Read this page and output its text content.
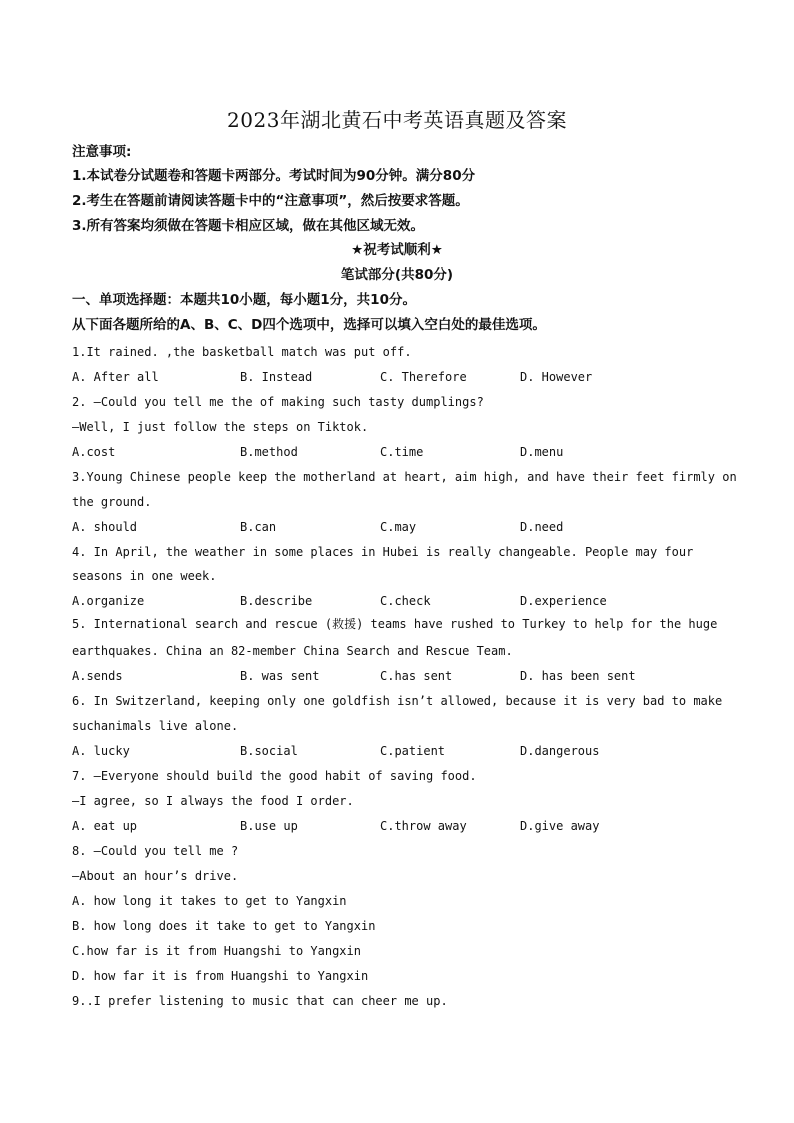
2023年湖北黄石中考英语真题及答案
注意事项:
1.本试卷分试题卷和答题卡两部分。考试时间为90分钟。满分80分
2.考生在答题前请阅读答题卡中的“注意事项”，然后按要求答题。
3.所有答案均须做在答题卡相应区域，做在其他区域无效。
★祝考试顺利★
笔试部分(共80分)
一、单项选择题：本题共10小题，每小题1分，共10分。
从下面各题所给的A、B、C、D四个选项中，选择可以填入空白处的最佳选项。
1.It rained. ,the basketball match was put off.
A. After all	B. Instead	C. Therefore	D. However
2. —Could you tell me the of making such tasty dumplings?
—Well, I just follow the steps on Tiktok.
A.cost	B.method	C.time	D.menu
3.Young Chinese people keep the motherland at heart, aim high, and have their feet firmly on
the ground.
A. should	B.can	C.may	D.need
4. In April, the weather in some places in Hubei is really changeable. People may four
seasons in one week.
A.organize	B.describe	C.check	D.experience
5. International search and rescue (救援) teams have rushed to Turkey to help for the huge
earthquakes. China an 82-member China Search and Rescue Team.
A.sends	B. was sent	C.has sent	D. has been sent
6. In Switzerland, keeping only one goldfish isn’t allowed, because it is very bad to make
suchanimals live alone.
A. lucky	B.social	C.patient	D.dangerous
7. —Everyone should build the good habit of saving food.
—I agree, so I always the food I order.
A. eat up	B.use up	C.throw away	D.give away
8. —Could you tell me ?
—About an hour’s drive.
A. how long it takes to get to Yangxin
B. how long does it take to get to Yangxin
C.how far is it from Huangshi to Yangxin
D. how far it is from Huangshi to Yangxin
9..I prefer listening to music that can cheer me up.
